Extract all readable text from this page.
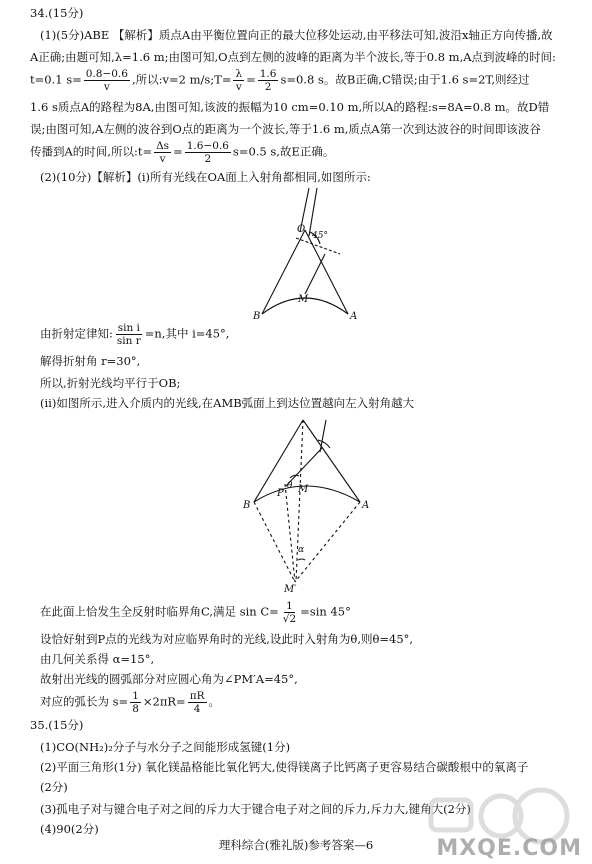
34.(15分)
(1)(5分)ABE 【解析】质点A由平衡位置向正的最大位移处运动,由平移法可知,波沿x轴正方向传播,故
A正确;由题可知,λ=1.6 m;由图可知,O点到左侧的波峰的距离为半个波长,等于0.8 m,A点到波峰的时间:
t=0.1 $s= \frac{0.8-0.6}{v}$ ,所以:v=2 m/s;T= $\frac{\lambda}{v} = \frac{1.6}{2} s=0.8$ s。故B正确,C错误;由于1.6 s=2T,则经过
1.6 s质点A的路程为8A,由图可知,该波的振幅为10 cm=0.10 m,所以A的路程:s=8A=0.8 m。故D错
误;由图可知,A左侧的波谷到O点的距离为一个波长,等于1.6 m,质点A第一次到达波谷的时间即该波谷
传播到A的时间,所以:t= $\frac{\Delta s}{v} = \frac{1.6-0.6}{2} s=0.5$ s,故E正确。
(2)(10分)【解析】(ⅰ)所有光线在OA面上入射角都相同,如图所示:
O
B	A
M
45°
由折射定律知: $\frac{\text{sin i}}{\text{sin r}} =n$,其中 i=45°,
解得折射角 r=30°,
所以,折射光线均平行于OB;
(ⅱ)如图所示,进入介质内的光线,在AMB弧面上到达位置越向左入射角越大
B
P
θ M
A
α
M′
在此面上恰发生全反射时临界角C,满足 $\sin C= \frac{1}{√2} =\sin$ 45°
设恰好射到P点的光线为对应临界角时的光线,设此时入射角为θ,则θ=45°,
由几何关系得 α=15°,
故射出光线的圆弧部分对应圆心角为∠PM′A=45°,
对应的弧长为 $s= \frac{1}{8} \times 2\pi R= \frac{\pi R}{4}$ 。
35.(15分)
(1)CO(NH₂)₂分子与水分子之间能形成氢键(1分)
(2)平面三角形(1分) 氧化镁晶格能比氧化钙大,使得镁离子比钙离子更容易结合碳酸根中的氧离子
(2分)
(3)孤电子对与键合电子对之间的斥力大于键合电子对之间的斥力,斥力大,键角大(2分)
(4)90(2分)
MXQE.COM
理科综合(雅礼版)参考答案—6
